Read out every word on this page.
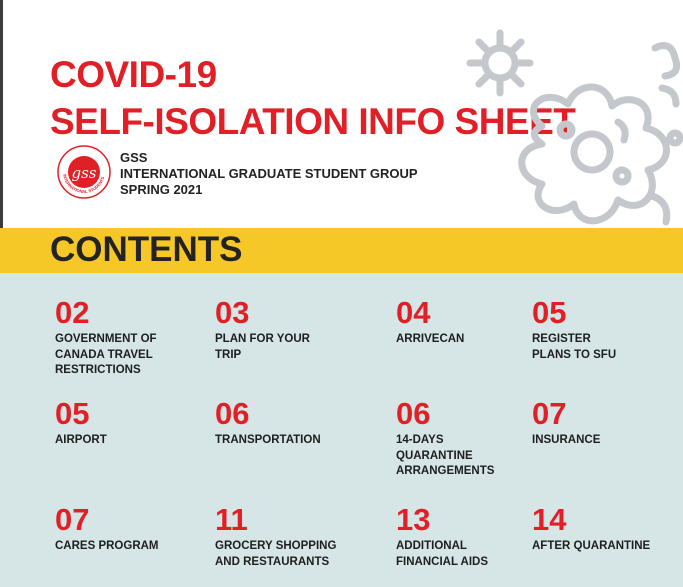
COVID-19
SELF-ISOLATION INFO SHEET
gss
INTERNATIONAL STUDENTS
GSS
INTERNATIONAL GRADUATE STUDENT GROUP
SPRING 2021
CONTENTS
02
GOVERNMENT OF
CANADA TRAVEL
RESTRICTIONS
03
PLAN FOR YOUR
TRIP
04
ARRIVECAN
05
REGISTER
PLANS TO SFU
05
AIRPORT
06
TRANSPORTATION
06
14-DAYS
QUARANTINE
ARRANGEMENTS
07
INSURANCE
07
CARES PROGRAM
11
GROCERY SHOPPING
AND RESTAURANTS
13
ADDITIONAL
FINANCIAL AIDS
14
AFTER QUARANTINE
